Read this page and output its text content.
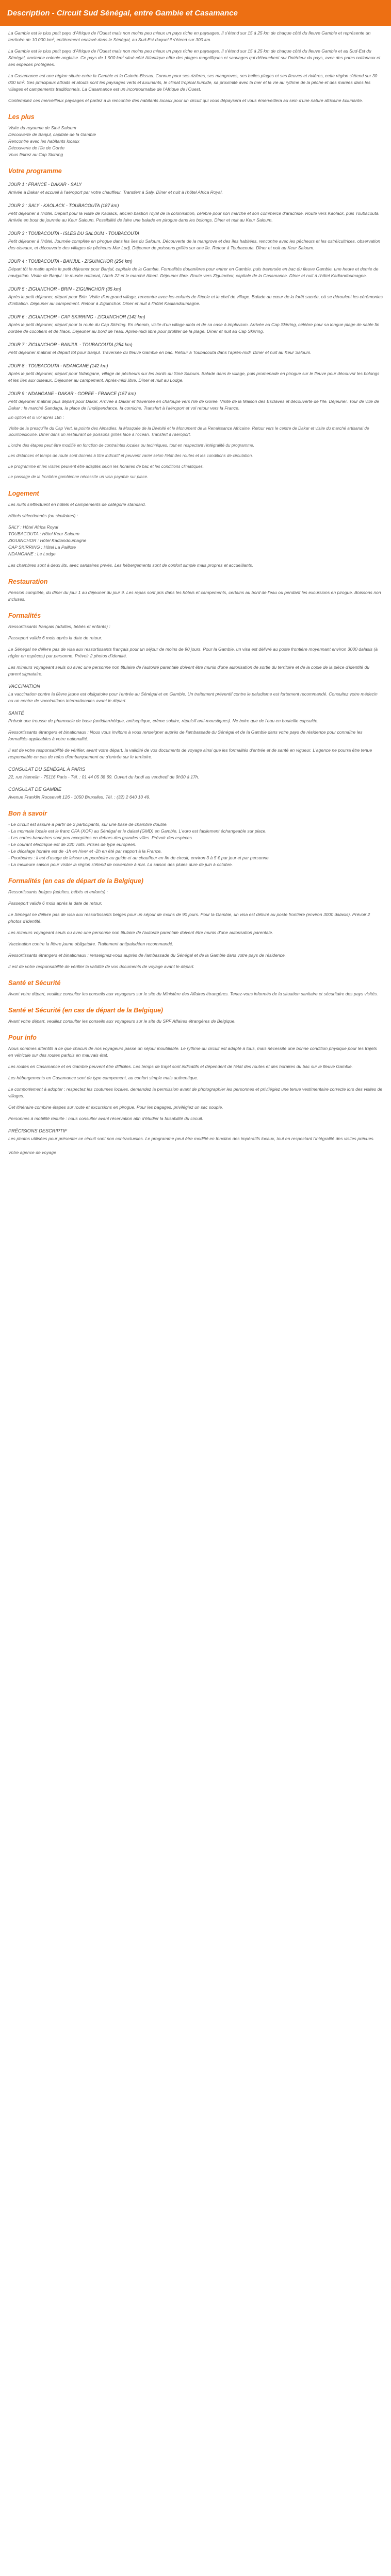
Description - Circuit Sud Sénégal, entre Gambie et Casamance

La Gambie est le plus petit pays d'Afrique de l'Ouest mais non moins peu mieux un pays riche en paysages. Il s'étend sur 15 à 25 km de chaque côté du fleuve Gambie et représente un territoire de 10 000 km², entièrement enclavé dans le Sénégal, au Sud-Est duquel il s'étend sur 300 km.

La Gambie est le plus petit pays d'Afrique de l'Ouest mais non moins peu mieux un pays riche en paysages. Il s'étend sur 15 à 25 km de chaque côté du fleuve Gambie et au Sud-Est du Sénégal, ancienne colonie anglaise. Ce pays de 1 900 km² situé côté Atlantique offre des plages magnifiques et sauvages qui débouchent sur l'intérieur du pays, avec des parcs nationaux et ses espèces protégées.

La Casamance est une région située entre la Gambie et la Guinée-Bissau. Connue pour ses rizières, ses mangroves, ses belles plages et ses fleuves et rivières, cette région s'étend sur 30 000 km². Ses principaux attraits et atouts sont les paysages verts et luxuriants, le climat tropical humide, sa proximité avec la mer et la vie au rythme de la pêche et des marées dans les villages et campements traditionnels. La Casamance est un incontournable de l'Afrique de l'Ouest.

Contemplez ces merveilleux paysages et partez à la rencontre des habitants locaux pour un circuit qui vous dépaysera et vous émerveillera au sein d'une nature africaine luxuriante.

Les plus
Visite du royaume de Siné Saloum
Découverte de Banjul, capitale de la Gambie
Rencontre avec les habitants locaux
Découverte de l'île de Gorée
Vous finirez au Cap Skirring
Votre programme
JOUR 1 : FRANCE - DAKAR - SALY

Arrivée à Dakar et accueil à l'aéroport par votre chauffeur. Transfert à Saly. Dîner et nuit à l'hôtel Africa Royal.

JOUR 2 : SALY - KAOLACK - TOUBACOUTA (187 km)

Petit déjeuner à l'hôtel. Départ pour la visite de Kaolack, ancien bastion royal de la colonisation, célèbre pour son marché et son commerce d'arachide. Route vers Kaolack, puis Toubacouta. Arrivée en bout de journée au Keur Saloum. Possibilité de faire une balade en pirogue dans les bolongs. Dîner et nuit au Keur Saloum.

JOUR 3 : TOUBACOUTA - ISLES DU SALOUM - TOUBACOUTA

Petit déjeuner à l'hôtel. Journée complète en pirogue dans les îles du Saloum. Découverte de la mangrove et des îles habitées, rencontre avec les pêcheurs et les ostréicultrices, observation des oiseaux, et découverte des villages de pêcheurs Mar Lodj. Déjeuner de poissons grillés sur une île. Retour à Toubacouta. Dîner et nuit au Keur Saloum.

JOUR 4 : TOUBACOUTA - BANJUL - ZIGUINCHOR (254 km)

Départ tôt le matin après le petit déjeuner pour Banjul, capitale de la Gambie. Formalités douanières pour entrer en Gambie, puis traversée en bac du fleuve Gambie, une heure et demie de navigation. Visite de Banjul : le musée national, l'Arch 22 et le marché Albert. Déjeuner libre. Route vers Ziguinchor, capitale de la Casamance. Dîner et nuit à l'hôtel Kadiandoumagne.

JOUR 5 : ZIGUINCHOR - BRIN - ZIGUINCHOR (35 km)

Après le petit déjeuner, départ pour Brin. Visite d'un grand village, rencontre avec les enfants de l'école et le chef de village. Balade au cœur de la forêt sacrée, où se déroulent les cérémonies d'initiation. Déjeuner au campement. Retour à Ziguinchor. Dîner et nuit à l'hôtel Kadiandoumagne.

JOUR 6 : ZIGUINCHOR - CAP SKIRRING - ZIGUINCHOR (142 km)

Après le petit déjeuner, départ pour la route du Cap Skirring. En chemin, visite d'un village diola et de sa case à impluvium. Arrivée au Cap Skirring, célèbre pour sa longue plage de sable fin bordée de cocotiers et de filaos. Déjeuner au bord de l'eau. Après-midi libre pour profiter de la plage. Dîner et nuit au Cap Skirring.

JOUR 7 : ZIGUINCHOR - BANJUL - TOUBACOUTA (254 km)

Petit déjeuner matinal et départ tôt pour Banjul. Traversée du fleuve Gambie en bac. Retour à Toubacouta dans l'après-midi. Dîner et nuit au Keur Saloum.

JOUR 8 : TOUBACOUTA - NDANGANE (142 km)

Après le petit déjeuner, départ pour Ndangane, village de pêcheurs sur les bords du Siné Saloum. Balade dans le village, puis promenade en pirogue sur le fleuve pour découvrir les bolongs et les îles aux oiseaux. Déjeuner au campement. Après-midi libre. Dîner et nuit au Lodge.

JOUR 9 : NDANGANE - DAKAR - GOREE - FRANCE (157 km)

Petit déjeuner matinal puis départ pour Dakar. Arrivée à Dakar et traversée en chaloupe vers l'île de Gorée. Visite de la Maison des Esclaves et découverte de l'île. Déjeuner. Tour de ville de Dakar : le marché Sandaga, la place de l'Indépendance, la corniche. Transfert à l'aéroport et vol retour vers la France.

En option et si vol après 18h :

Visite de la presqu'île du Cap Vert, la pointe des Almadies, la Mosquée de la Divinité et le Monument de la Renaissance Africaine. Retour vers le centre de Dakar et visite du marché artisanal de Soumbédioune. Dîner dans un restaurant de poissons grillés face à l'océan. Transfert à l'aéroport.

L'ordre des étapes peut être modifié en fonction de contraintes locales ou techniques, tout en respectant l'intégralité du programme.

Les distances et temps de route sont donnés à titre indicatif et peuvent varier selon l'état des routes et les conditions de circulation.

Le programme et les visites peuvent être adaptés selon les horaires de bac et les conditions climatiques.

Le passage de la frontière gambienne nécessite un visa payable sur place.

Logement

Les nuits s'effectuent en hôtels et campements de catégorie standard.

Hôtels sélectionnés (ou similaires) :

SALY : Hôtel Africa Royal
TOUBACOUTA : Hôtel Keur Saloum
ZIGUINCHOR : Hôtel Kadiandoumagne
CAP SKIRRING : Hôtel La Paillote
NDANGANE : Le Lodge

Les chambres sont à deux lits, avec sanitaires privés. Les hébergements sont de confort simple mais propres et accueillants.

Restauration

Pension complète, du dîner du jour 1 au déjeuner du jour 9. Les repas sont pris dans les hôtels et campements, certains au bord de l'eau ou pendant les excursions en pirogue. Boissons non incluses.

Formalités

Ressortissants français (adultes, bébés et enfants) :

Passeport valide 6 mois après la date de retour.

Le Sénégal ne délivre pas de visa aux ressortissants français pour un séjour de moins de 90 jours. Pour la Gambie, un visa est délivré au poste frontière moyennant environ 3000 dalasis (à régler en espèces) par personne. Prévoir 2 photos d'identité.

Les mineurs voyageant seuls ou avec une personne non titulaire de l'autorité parentale doivent être munis d'une autorisation de sortie du territoire et de la copie de la pièce d'identité du parent signataire.

VACCINATION

La vaccination contre la fièvre jaune est obligatoire pour l'entrée au Sénégal et en Gambie. Un traitement préventif contre le paludisme est fortement recommandé. Consultez votre médecin ou un centre de vaccinations internationales avant le départ.

SANTÉ

Prévoir une trousse de pharmacie de base (antidiarrhéique, antiseptique, crème solaire, répulsif anti-moustiques). Ne boire que de l'eau en bouteille capsulée.

Ressortissants étrangers et binationaux : Nous vous invitons à vous renseigner auprès de l'ambassade du Sénégal et de la Gambie dans votre pays de résidence pour connaître les formalités applicables à votre nationalité.

Il est de votre responsabilité de vérifier, avant votre départ, la validité de vos documents de voyage ainsi que les formalités d'entrée et de santé en vigueur. L'agence ne pourra être tenue responsable en cas de refus d'embarquement ou d'entrée sur le territoire.

CONSULAT DU SÉNÉGAL À PARIS

22, rue Hamelin - 75116 Paris - Tél. : 01 44 05 38 69. Ouvert du lundi au vendredi de 9h30 à 17h.

CONSULAT DE GAMBIE

Avenue Franklin Roosevelt 126 - 1050 Bruxelles. Tél. : (32) 2 640 10 49.

Bon à savoir
- Le circuit est assuré à partir de 2 participants, sur une base de chambre double.
- La monnaie locale est le franc CFA (XOF) au Sénégal et le dalasi (GMD) en Gambie. L'euro est facilement échangeable sur place.
- Les cartes bancaires sont peu acceptées en dehors des grandes villes. Prévoir des espèces.
- Le courant électrique est de 220 volts. Prises de type européen.
- Le décalage horaire est de -1h en hiver et -2h en été par rapport à la France.
- Pourboires : il est d'usage de laisser un pourboire au guide et au chauffeur en fin de circuit, environ 3 à 5 € par jour et par personne.
- La meilleure saison pour visiter la région s'étend de novembre à mai. La saison des pluies dure de juin à octobre.
Formalités (en cas de départ de la Belgique)

Ressortissants belges (adultes, bébés et enfants) :

Passeport valide 6 mois après la date de retour.

Le Sénégal ne délivre pas de visa aux ressortissants belges pour un séjour de moins de 90 jours. Pour la Gambie, un visa est délivré au poste frontière (environ 3000 dalasis). Prévoir 2 photos d'identité.

Les mineurs voyageant seuls ou avec une personne non titulaire de l'autorité parentale doivent être munis d'une autorisation parentale.

Vaccination contre la fièvre jaune obligatoire. Traitement antipaludéen recommandé.

Ressortissants étrangers et binationaux : renseignez-vous auprès de l'ambassade du Sénégal et de la Gambie dans votre pays de résidence.

Il est de votre responsabilité de vérifier la validité de vos documents de voyage avant le départ.

Santé et Sécurité

Avant votre départ, veuillez consulter les conseils aux voyageurs sur le site du Ministère des Affaires étrangères. Tenez-vous informés de la situation sanitaire et sécuritaire des pays visités.

Santé et Sécurité (en cas de départ de la Belgique)

Avant votre départ, veuillez consulter les conseils aux voyageurs sur le site du SPF Affaires étrangères de Belgique.

Pour info

Nous sommes attentifs à ce que chacun de nos voyageurs passe un séjour inoubliable. Le rythme du circuit est adapté à tous, mais nécessite une bonne condition physique pour les trajets en véhicule sur des routes parfois en mauvais état.

Les routes en Casamance et en Gambie peuvent être difficiles. Les temps de trajet sont indicatifs et dépendent de l'état des routes et des horaires du bac sur le fleuve Gambie.

Les hébergements en Casamance sont de type campement, au confort simple mais authentique.

Le comportement à adopter : respectez les coutumes locales, demandez la permission avant de photographier les personnes et privilégiez une tenue vestimentaire correcte lors des visites de villages.

Cet itinéraire combine étapes sur route et excursions en pirogue. Pour les bagages, privilégiez un sac souple.

Personnes à mobilité réduite : nous consulter avant réservation afin d'étudier la faisabilité du circuit.

PRÉCISIONS DESCRIPTIF

Les photos utilisées pour présenter ce circuit sont non contractuelles. Le programme peut être modifié en fonction des impératifs locaux, tout en respectant l'intégralité des visites prévues.

Votre agence de voyage
